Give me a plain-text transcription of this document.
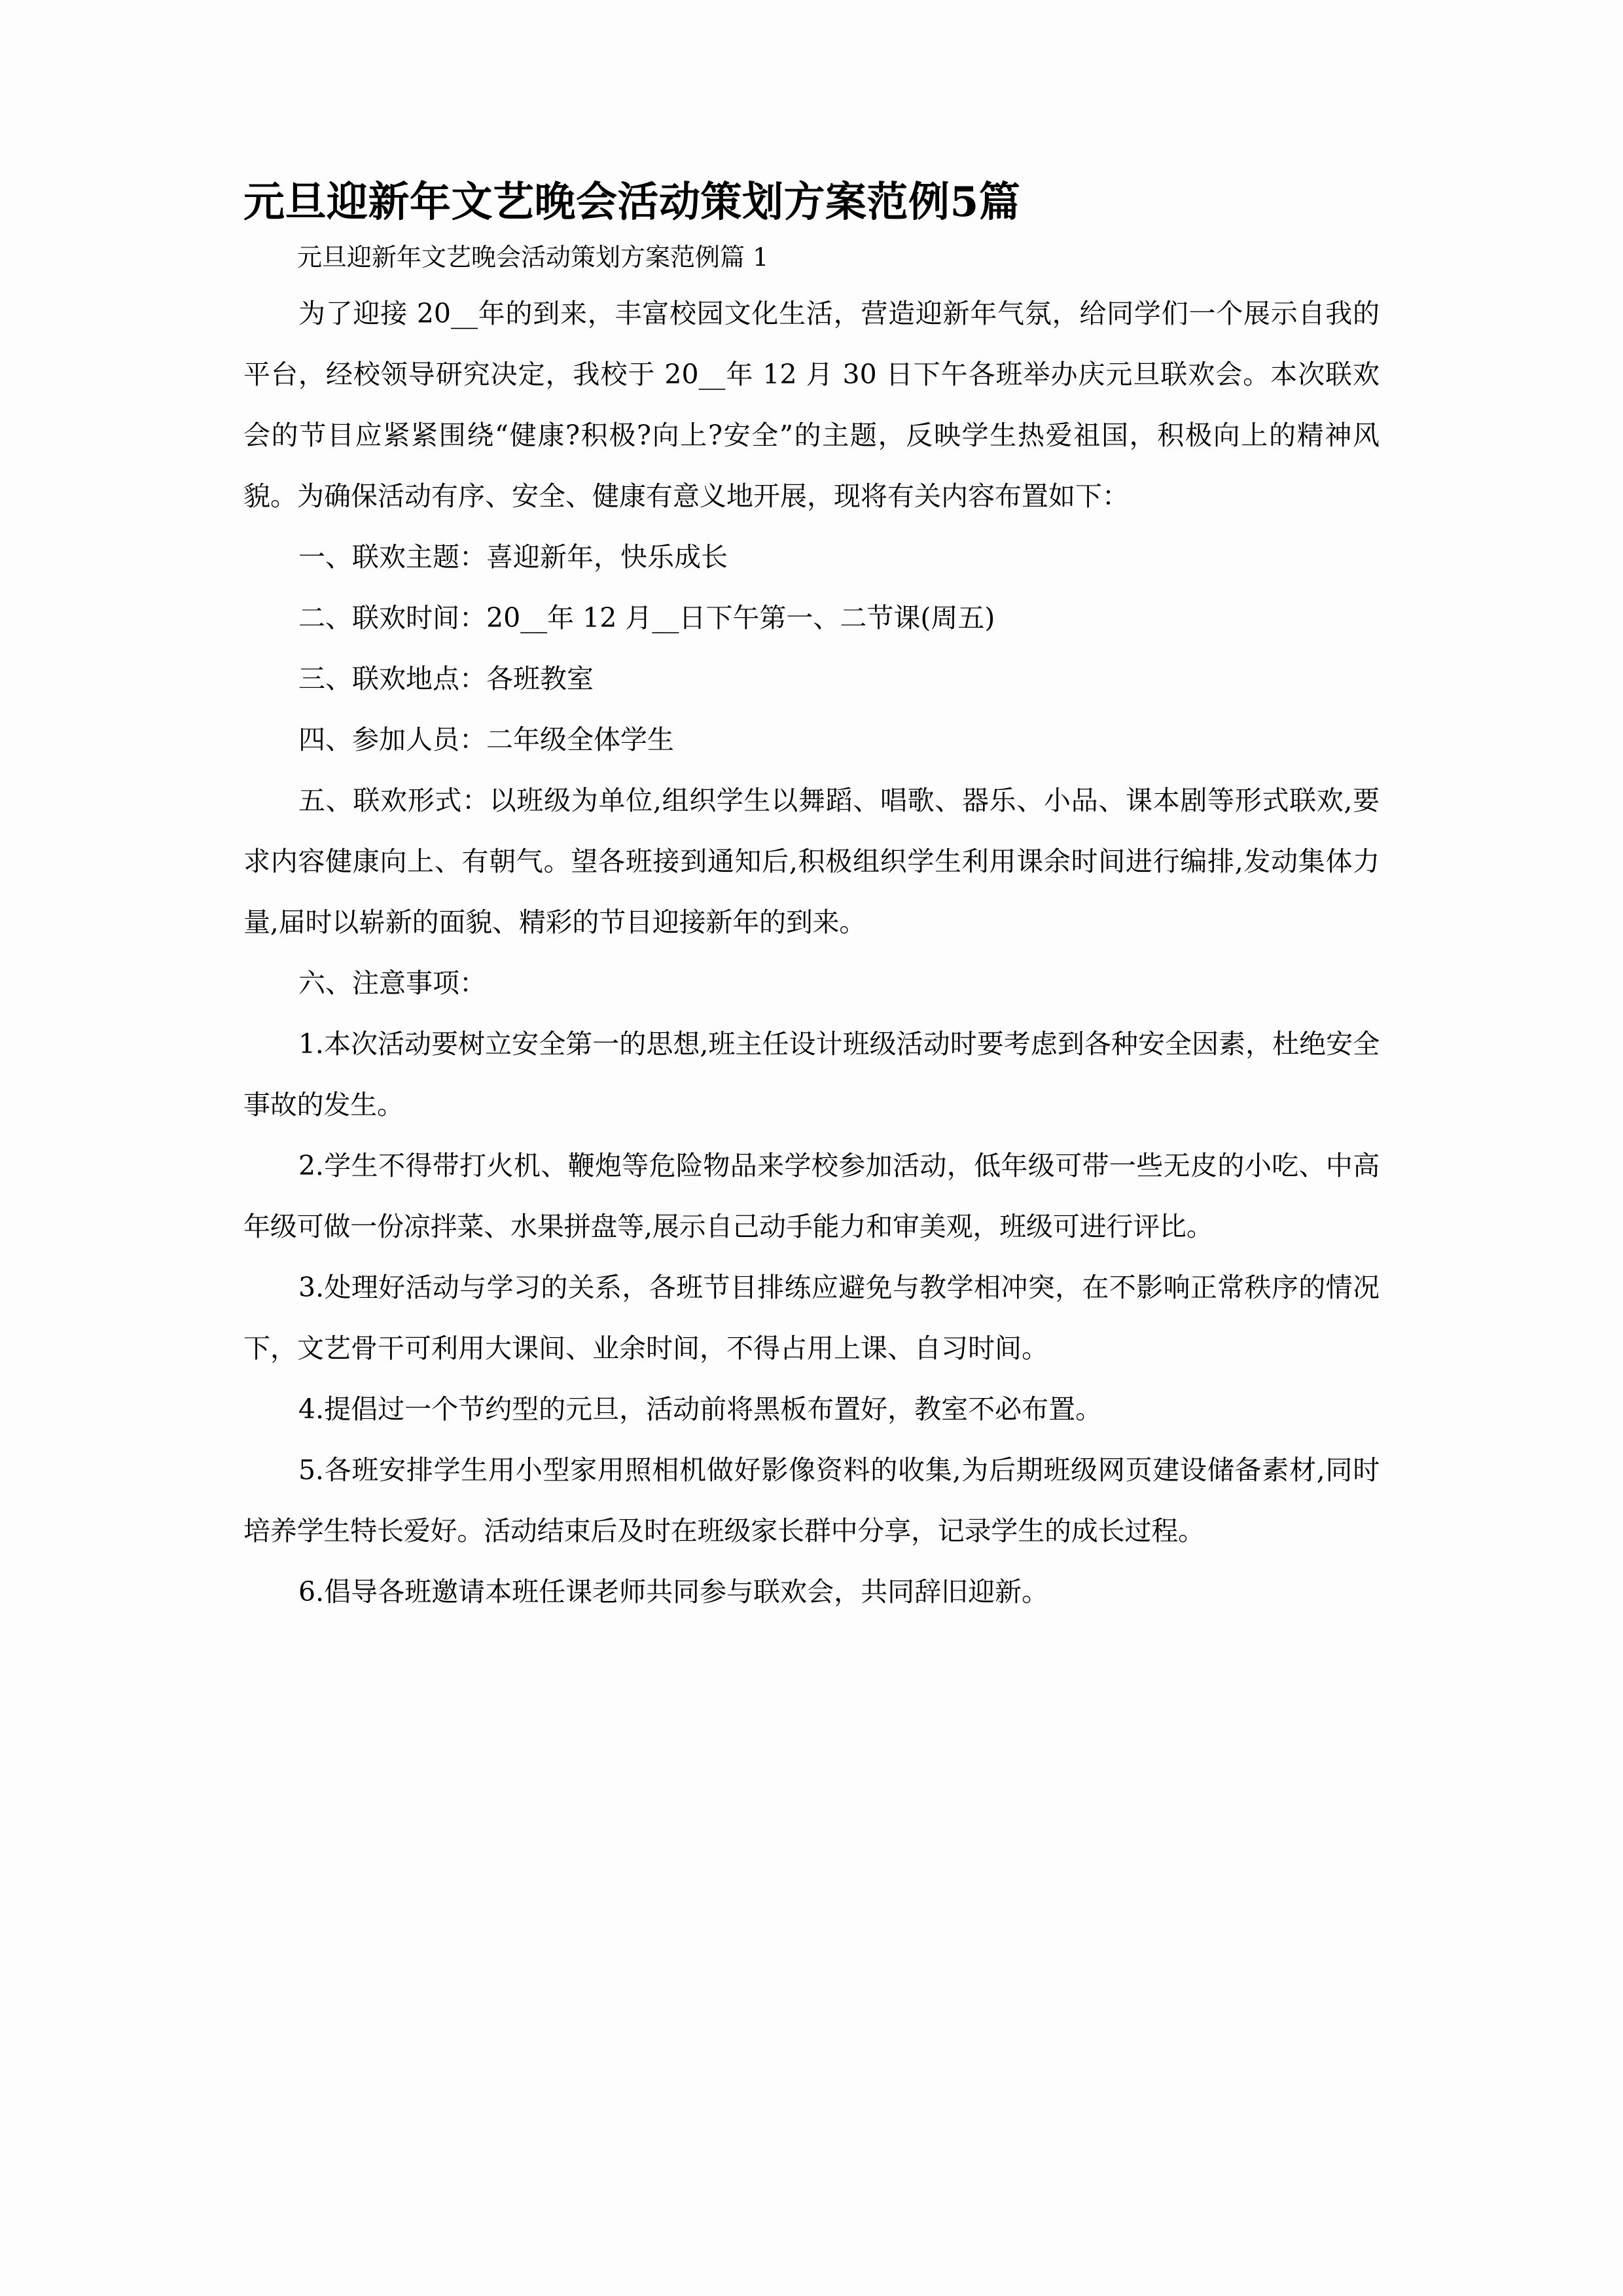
元旦迎新年文艺晚会活动策划方案范例5篇
元旦迎新年文艺晚会活动策划方案范例篇 1

为了迎接 20__年的到来，丰富校园文化生活，营造迎新年气氛，给同学们一个展示自我的平台，经校领导研究决定，我校于 20__年 12 月 30 日下午各班举办庆元旦联欢会。本次联欢会的节目应紧紧围绕“健康?积极?向上?安全”的主题，反映学生热爱祖国，积极向上的精神风貌。为确保活动有序、安全、健康有意义地开展，现将有关内容布置如下：

一、联欢主题：喜迎新年，快乐成长

二、联欢时间：20__年 12 月__日下午第一、二节课(周五)

三、联欢地点：各班教室

四、参加人员：二年级全体学生

五、联欢形式：以班级为单位,组织学生以舞蹈、唱歌、器乐、小品、课本剧等形式联欢,要求内容健康向上、有朝气。望各班接到通知后,积极组织学生利用课余时间进行编排,发动集体力量,届时以崭新的面貌、精彩的节目迎接新年的到来。

六、注意事项：

1.本次活动要树立安全第一的思想,班主任设计班级活动时要考虑到各种安全因素，杜绝安全事故的发生。

2.学生不得带打火机、鞭炮等危险物品来学校参加活动，低年级可带一些无皮的小吃、中高年级可做一份凉拌菜、水果拼盘等,展示自己动手能力和审美观，班级可进行评比。

3.处理好活动与学习的关系，各班节目排练应避免与教学相冲突，在不影响正常秩序的情况下，文艺骨干可利用大课间、业余时间，不得占用上课、自习时间。

4.提倡过一个节约型的元旦，活动前将黑板布置好，教室不必布置。

5.各班安排学生用小型家用照相机做好影像资料的收集,为后期班级网页建设储备素材,同时培养学生特长爱好。活动结束后及时在班级家长群中分享，记录学生的成长过程。

6.倡导各班邀请本班任课老师共同参与联欢会，共同辞旧迎新。
